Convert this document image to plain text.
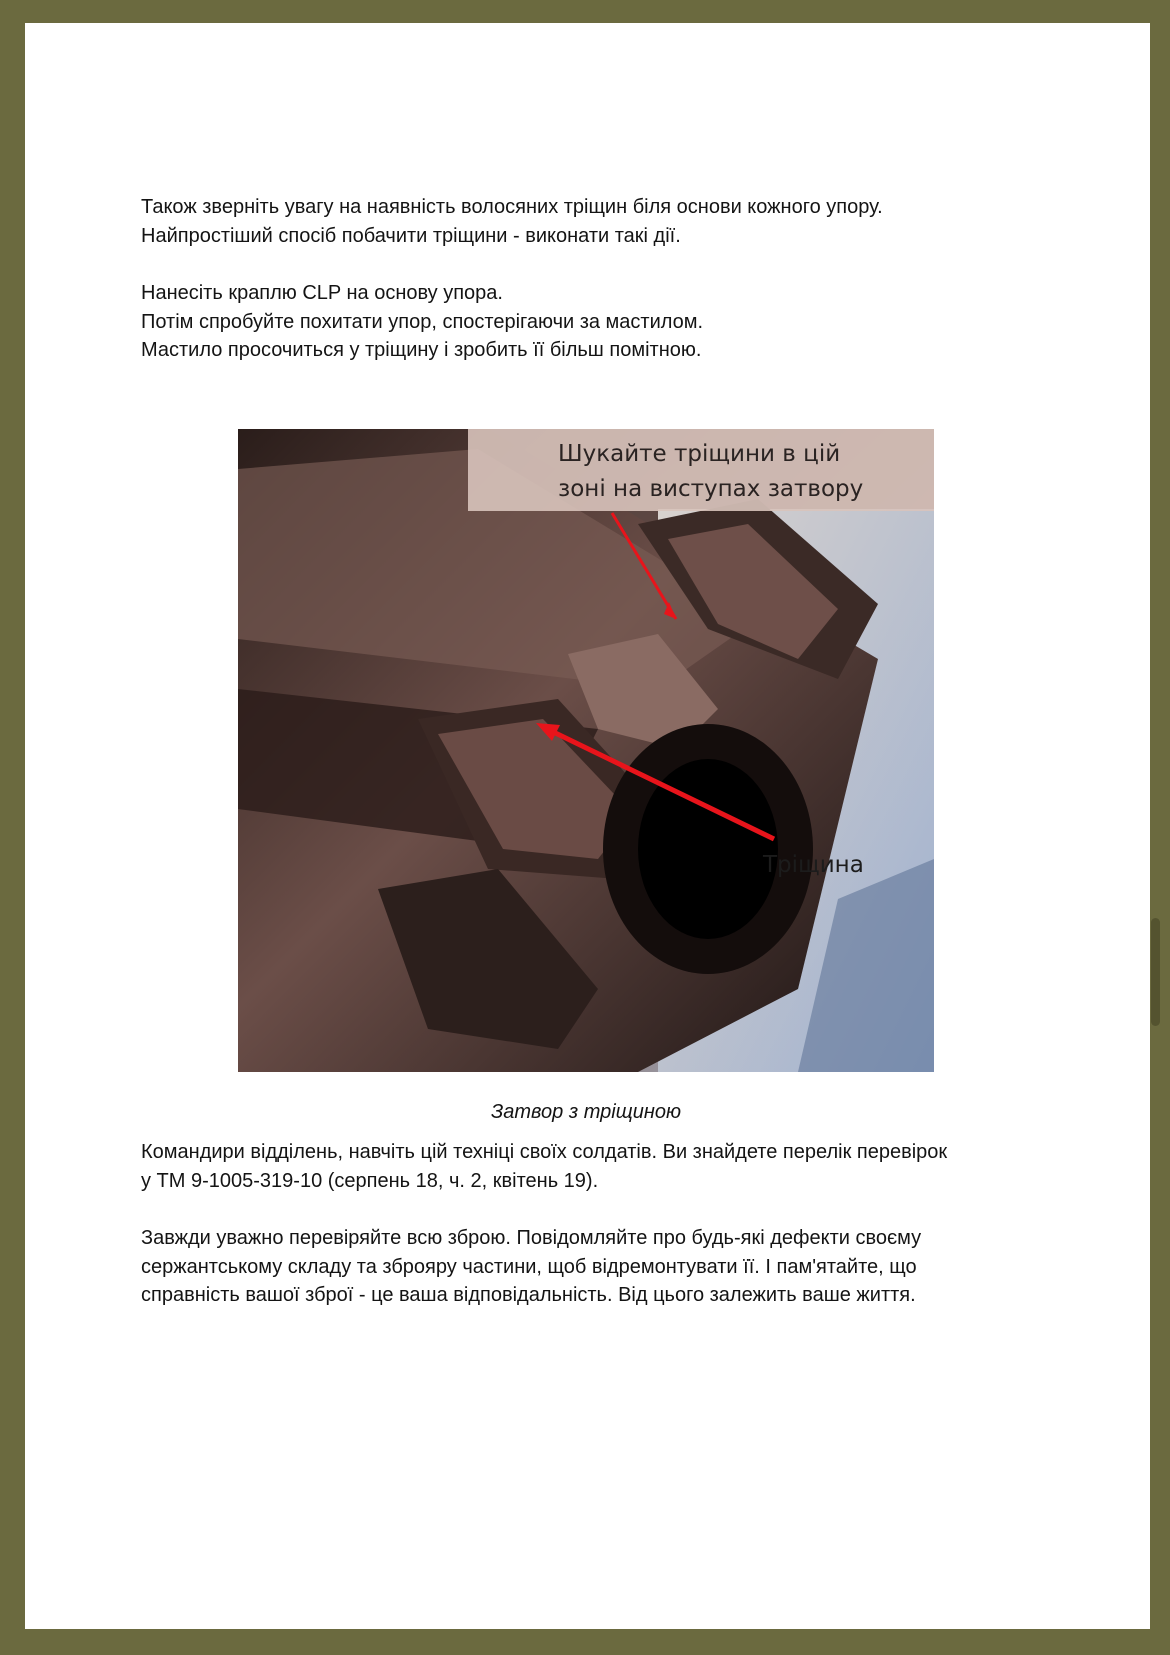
Також зверніть увагу на наявність волосяних тріщин біля основи кожного упору.

Найпростіший спосіб побачити тріщини - виконати такі дії.

Нанесіть краплю CLP на основу упора.

Потім спробуйте похитати упор, спостерігаючи за мастилом.

Мастило просочиться у тріщину і зробить її більш помітною.

Шукайте тріщини в цій
зоні на виступах затвору
Тріщина
Затвор з тріщиною

Командири відділень, навчіть цій техніці своїх солдатів. Ви знайдете перелік перевірок

у ТМ 9-1005-319-10 (серпень 18, ч. 2, квітень 19).

Завжди уважно перевіряйте всю зброю. Повідомляйте про будь-які дефекти своєму

сержантському складу та зброяру частини, щоб відремонтувати її. І пам'ятайте, що

справність вашої зброї - це ваша відповідальність. Від цього залежить ваше життя.
